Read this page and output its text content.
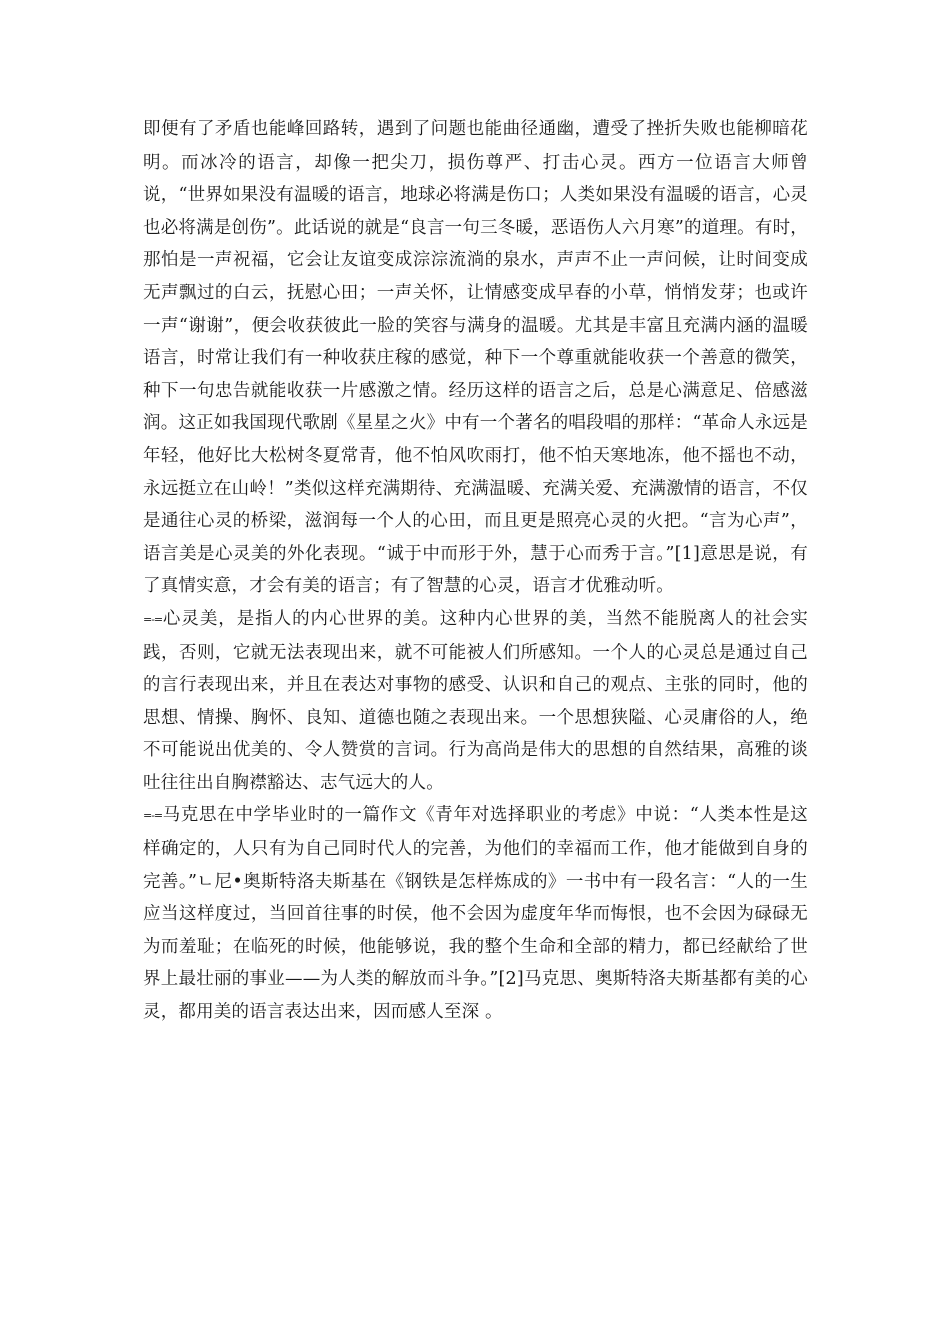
即便有了矛盾也能峰回路转，遇到了问题也能曲径通幽，遭受了挫折失败也能柳暗花明。而冰冷的语言，却像一把尖刀，损伤尊严、打击心灵。西方一位语言大师曾说，“世界如果没有温暖的语言，地球必将满是伤口；人类如果没有温暖的语言，心灵也必将满是创伤”。此话说的就是“良言一句三冬暖，恶语伤人六月寒”的道理。有时，那怕是一声祝福，它会让友谊变成淙淙流淌的泉水，声声不止一声问候，让时间变成无声飘过的白云，抚慰心田；一声关怀，让情感变成早春的小草，悄悄发芽；也或许一声“谢谢”，便会收获彼此一脸的笑容与满身的温暖。尤其是丰富且充满内涵的温暖语言，时常让我们有一种收获庄稼的感觉，种下一个尊重就能收获一个善意的微笑，种下一句忠告就能收获一片感激之情。经历这样的语言之后，总是心满意足、倍感滋润。这正如我国现代歌剧《星星之火》中有一个著名的唱段唱的那样：“革命人永远是年轻，他好比大松树冬夏常青，他不怕风吹雨打，他不怕天寒地冻，他不摇也不动，永远挺立在山岭！”类似这样充满期待、充满温暖、充满关爱、充满激情的语言，不仅是通往心灵的桥梁，滋润每一个人的心田，而且更是照亮心灵的火把。“言为心声”，语言美是心灵美的外化表现。“诚于中而形于外，慧于心而秀于言。”[1]意思是说，有了真情实意，才会有美的语言；有了智慧的心灵，语言才优雅动听。

=-=心灵美，是指人的内心世界的美。这种内心世界的美，当然不能脱离人的社会实践，否则，它就无法表现出来，就不可能被人们所感知。一个人的心灵总是通过自己的言行表现出来，并且在表达对事物的感受、认识和自己的观点、主张的同时，他的思想、情操、胸怀、良知、道德也随之表现出来。一个思想狭隘、心灵庸俗的人，绝不可能说出优美的、令人赞赏的言词。行为高尚是伟大的思想的自然结果，高雅的谈吐往往出自胸襟豁达、志气远大的人。

=-=马克思在中学毕业时的一篇作文《青年对选择职业的考虑》中说：“人类本性是这样确定的，人只有为自己同时代人的完善，为他们的幸福而工作，他才能做到自身的完善。”ㄴ尼•奥斯特洛夫斯基在《钢铁是怎样炼成的》一书中有一段名言：“人的一生应当这样度过，当回首往事的时侯，他不会因为虚度年华而悔恨，也不会因为碌碌无为而羞耻；在临死的时候，他能够说，我的整个生命和全部的精力，都已经献给了世界上最壮丽的事业——为人类的解放而斗争。”[2]马克思、奥斯特洛夫斯基都有美的心灵，都用美的语言表达出来，因而感人至深 。
